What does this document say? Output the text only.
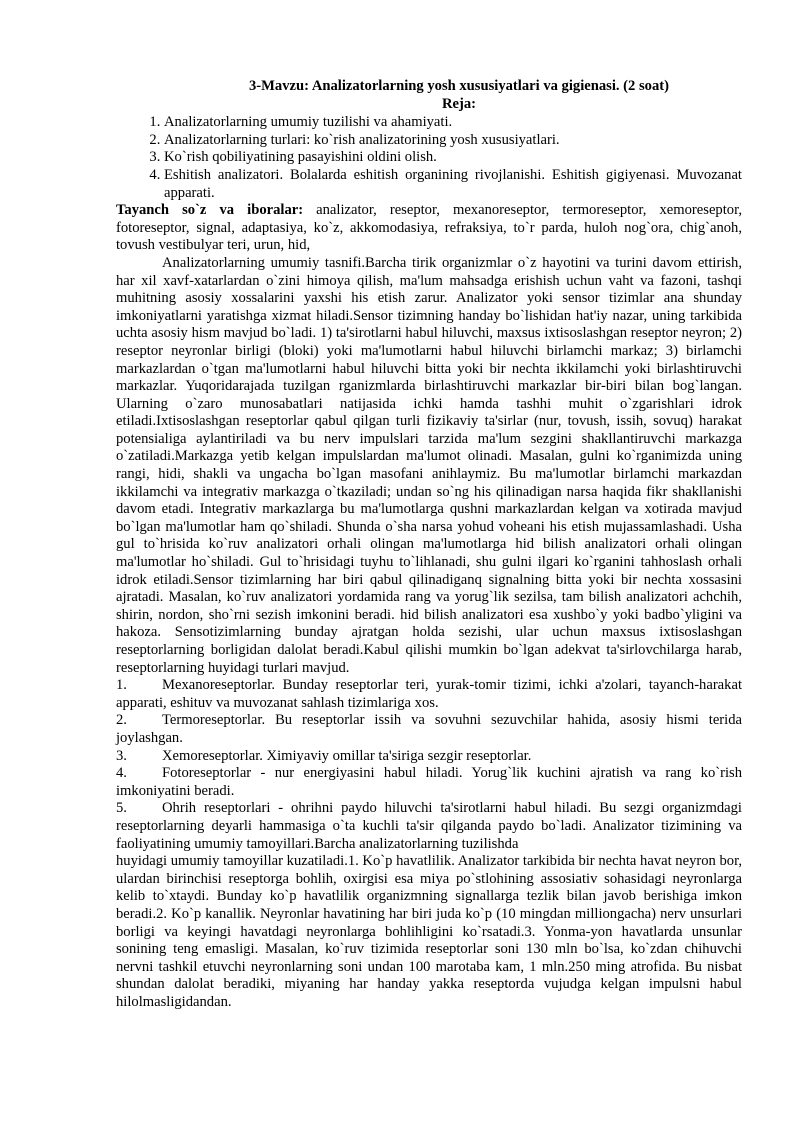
3-Mavzu: Analizatorlarning yosh xususiyatlari va gigienasi. (2 soat)

Reja:

1. Analizatorlarning umumiy tuzilishi va ahamiyati.
2. Analizatorlarning turlari: ko`rish analizatorining yosh xususiyatlari.
3. Ko`rish qobiliyatining pasayishini oldini olish.
4. Eshitish analizatori. Bolalarda eshitish organining rivojlanishi. Eshitish gigiyenasi. Muvozanat apparati.

Tayanch so`z va iboralar: analizator, reseptor, mexanoreseptor, termoreseptor, xemoreseptor, fotoreseptor, signal, adaptasiya, ko`z, akkomodasiya, refraksiya, to`r parda, huloh nog`ora, chig`anoh, tovush vestibulyar teri, urun, hid,

Analizatorlarning umumiy tasnifi.Barcha tirik organizmlar o`z hayotini va turini davom ettirish, har xil xavf-xatarlardan o`zini himoya qilish, ma'lum mahsadga erishish uchun vaht va fazoni, tashqi muhitning asosiy xossalarini yaxshi his etish zarur. Analizator yoki sensor tizimlar ana shunday imkoniyatlarni yaratishga xizmat hiladi.Sensor tizimning handay bo`lishidan hat'iy nazar, uning tarkibida uchta asosiy hism mavjud bo`ladi. 1) ta'sirotlarni habul hiluvchi, maxsus ixtisoslashgan reseptor neyron; 2) reseptor neyronlar birligi (bloki) yoki ma'lumotlarni habul hiluvchi birlamchi markaz; 3) birlamchi markazlardan o`tgan ma'lumotlarni habul hiluvchi bitta yoki bir nechta ikkilamchi yoki birlashtiruvchi markazlar. Yuqoridarajada tuzilgan rganizmlarda birlashtiruvchi markazlar bir-biri bilan bog`langan. Ularning o`zaro munosabatlari natijasida ichki hamda tashhi muhit o`zgarishlari idrok etiladi.Ixtisoslashgan reseptorlar qabul qilgan turli fizikaviy ta'sirlar (nur, tovush, issih, sovuq) harakat potensialiga aylantiriladi va bu nerv impulslari tarzida ma'lum sezgini shakllantiruvchi markazga o`zatiladi.Markazga yetib kelgan impulslardan ma'lumot olinadi. Masalan, gulni ko`rganimizda uning rangi, hidi, shakli va ungacha bo`lgan masofani anihlaymiz. Bu ma'lumotlar birlamchi markazdan ikkilamchi va integrativ markazga o`tkaziladi; undan so`ng his qilinadigan narsa haqida fikr shakllanishi davom etadi. Integrativ markazlarga bu ma'lumotlarga qushni markazlardan kelgan va xotirada mavjud bo`lgan ma'lumotlar ham qo`shiladi. Shunda o`sha narsa yohud voheani his etish mujassamlashadi. Usha gul to`hrisida ko`ruv analizatori orhali olingan ma'lumotlarga hid bilish analizatori orhali olingan ma'lumotlar ho`shiladi. Gul to`hrisidagi tuyhu to`lihlanadi, shu gulni ilgari ko`rganini tahhoslash orhali idrok etiladi.Sensor tizimlarning har biri qabul qilinadiganq signalning bitta yoki bir nechta xossasini ajratadi. Masalan, ko`ruv analizatori yordamida rang va yorug`lik sezilsa, tam bilish analizatori achchih, shirin, nordon, sho`rni sezish imkonini beradi. hid bilish analizatori esa xushbo`y yoki badbo`yligini va hakoza. Sensotizimlarning bunday ajratgan holda sezishi, ular uchun maxsus ixtisoslashgan reseptorlarning borligidan dalolat beradi.Kabul qilishi mumkin bo`lgan adekvat ta'sirlovchilarga harab, reseptorlarning huyidagi turlari mavjud.

1. Mexanoreseptorlar. Bunday reseptorlar teri, yurak-tomir tizimi, ichki a'zolari, tayanch-harakat apparati, eshituv va muvozanat sahlash tizimlariga xos.

2. Termoreseptorlar. Bu reseptorlar issih va sovuhni sezuvchilar hahida, asosiy hismi terida joylashgan.

3. Xemoreseptorlar. Ximiyaviy omillar ta'siriga sezgir reseptorlar.

4. Fotoreseptorlar - nur energiyasini habul hiladi. Yorug`lik kuchini ajratish va rang ko`rish imkoniyatini beradi.

5. Ohrih reseptorlari - ohrihni paydo hiluvchi ta'sirotlarni habul hiladi. Bu sezgi organizmdagi reseptorlarning deyarli hammasiga o`ta kuchli ta'sir qilganda paydo bo`ladi. Analizator tizimining va faoliyatining umumiy tamoyillari.Barcha analizatorlarning tuzilishda

huyidagi umumiy tamoyillar kuzatiladi.1. Ko`p havatlilik. Analizator tarkibida bir nechta havat neyron bor, ulardan birinchisi reseptorga bohlih, oxirgisi esa miya po`stlohining assosiativ sohasidagi neyronlarga kelib to`xtaydi. Bunday ko`p havatlilik organizmning signallarga tezlik bilan javob berishiga imkon beradi.2. Ko`p kanallik. Neyronlar havatining har biri juda ko`p (10 mingdan milliongacha) nerv unsurlari borligi va keyingi havatdagi neyronlarga bohlihligini ko`rsatadi.3. Yonma-yon havatlarda unsunlar sonining teng emasligi. Masalan, ko`ruv tizimida reseptorlar soni 130 mln bo`lsa, ko`zdan chihuvchi nervni tashkil etuvchi neyronlarning soni undan 100 marotaba kam, 1 mln.250 ming atrofida. Bu nisbat shundan dalolat beradiki, miyaning har handay yakka reseptorda vujudga kelgan impulsni habul hilolmasligidandan.
